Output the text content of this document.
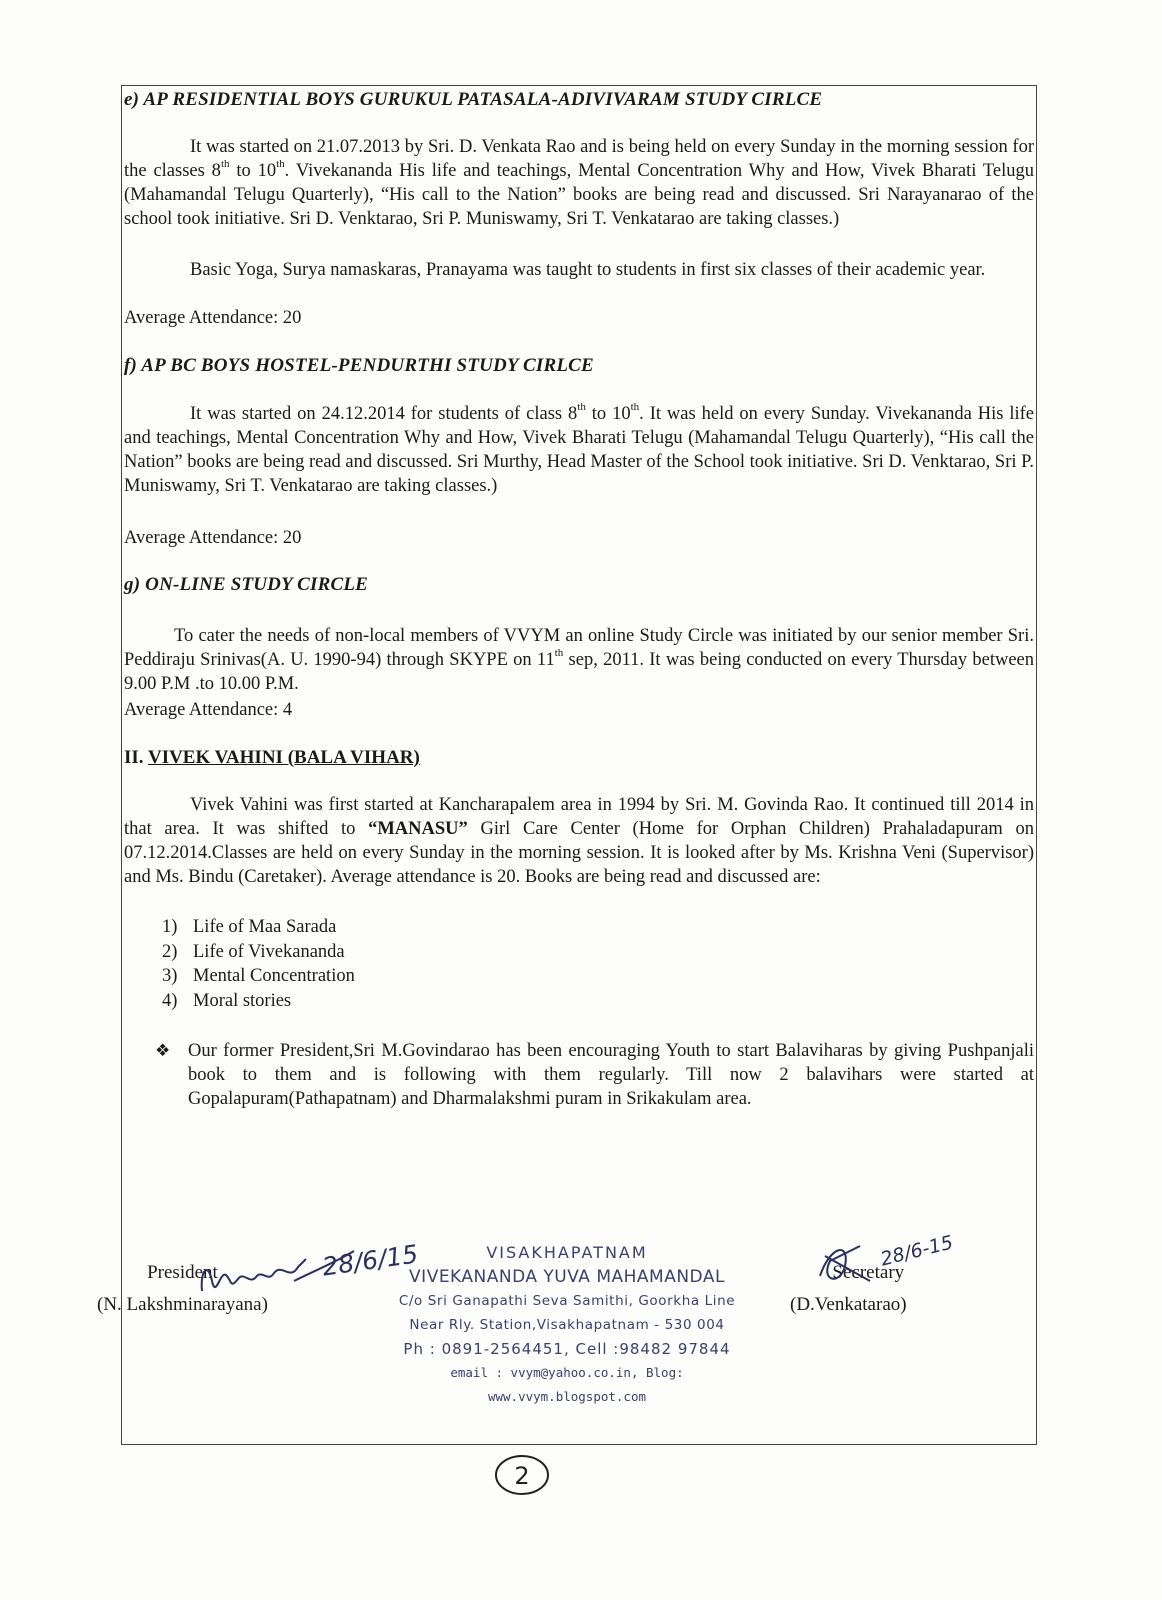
e) AP RESIDENTIAL BOYS GURUKUL PATASALA-ADIVIVARAM STUDY CIRLCE

It was started on 21.07.2013 by Sri. D. Venkata Rao and is being held on every Sunday in the morning session for the classes 8th to 10th. Vivekananda His life and teachings, Mental Concentration Why and How, Vivek Bharati Telugu (Mahamandal Telugu Quarterly), “His call to the Nation” books are being read and discussed. Sri Narayanarao of the school took initiative. Sri D. Venktarao, Sri P. Muniswamy, Sri T. Venkatarao are taking classes.)

Basic Yoga, Surya namaskaras, Pranayama was taught to students in first six classes of their academic year.

Average Attendance: 20
f) AP BC BOYS HOSTEL-PENDURTHI STUDY CIRLCE

It was started on 24.12.2014 for students of class 8th to 10th. It was held on every Sunday. Vivekananda His life and teachings, Mental Concentration Why and How, Vivek Bharati Telugu (Mahamandal Telugu Quarterly), “His call the Nation” books are being read and discussed. Sri Murthy, Head Master of the School took initiative. Sri D. Venktarao, Sri P. Muniswamy, Sri T. Venkatarao are taking classes.)

Average Attendance: 20
g) ON-LINE STUDY CIRCLE

To cater the needs of non-local members of VVYM an online Study Circle was initiated by our senior member Sri. Peddiraju Srinivas(A. U. 1990-94) through SKYPE on 11th sep, 2011. It was being conducted on every Thursday between 9.00 P.M .to 10.00 P.M.

Average Attendance: 4
II. VIVEK VAHINI (BALA VIHAR)

Vivek Vahini was first started at Kancharapalem area in 1994 by Sri. M. Govinda Rao. It continued till 2014 in that area. It was shifted to “MANASU” Girl Care Center (Home for Orphan Children) Prahaladapuram on 07.12.2014.Classes are held on every Sunday in the morning session. It is looked after by Ms. Krishna Veni (Supervisor) and Ms. Bindu (Caretaker). Average attendance is 20. Books are being read and discussed are:

1) Life of Maa Sarada
2) Life of Vivekananda
3) Mental Concentration
4) Moral stories
❖ Our former President,Sri M.Govindarao has been encouraging Youth to start Balaviharas by giving Pushpanjali book to them and is following with them regularly. Till now 2 balavihars were started at Gopalapuram(Pathapatnam) and Dharmalakshmi puram in Srikakulam area.

President
(N. Lakshminarayana)
28/6/15	VISAKHAPATNAM
VIVEKANANDA YUVA MAHAMANDAL
C/o Sri Ganapathi Seva Samithi, Goorkha Line
Near Rly. Station,Visakhapatnam - 530 004
Ph : 0891-2564451, Cell :98482 97844
email : vvym@yahoo.co.in, Blog: www.vvym.blogspot.com
28/6-15
Secretary
(D.Venkatarao)
2
